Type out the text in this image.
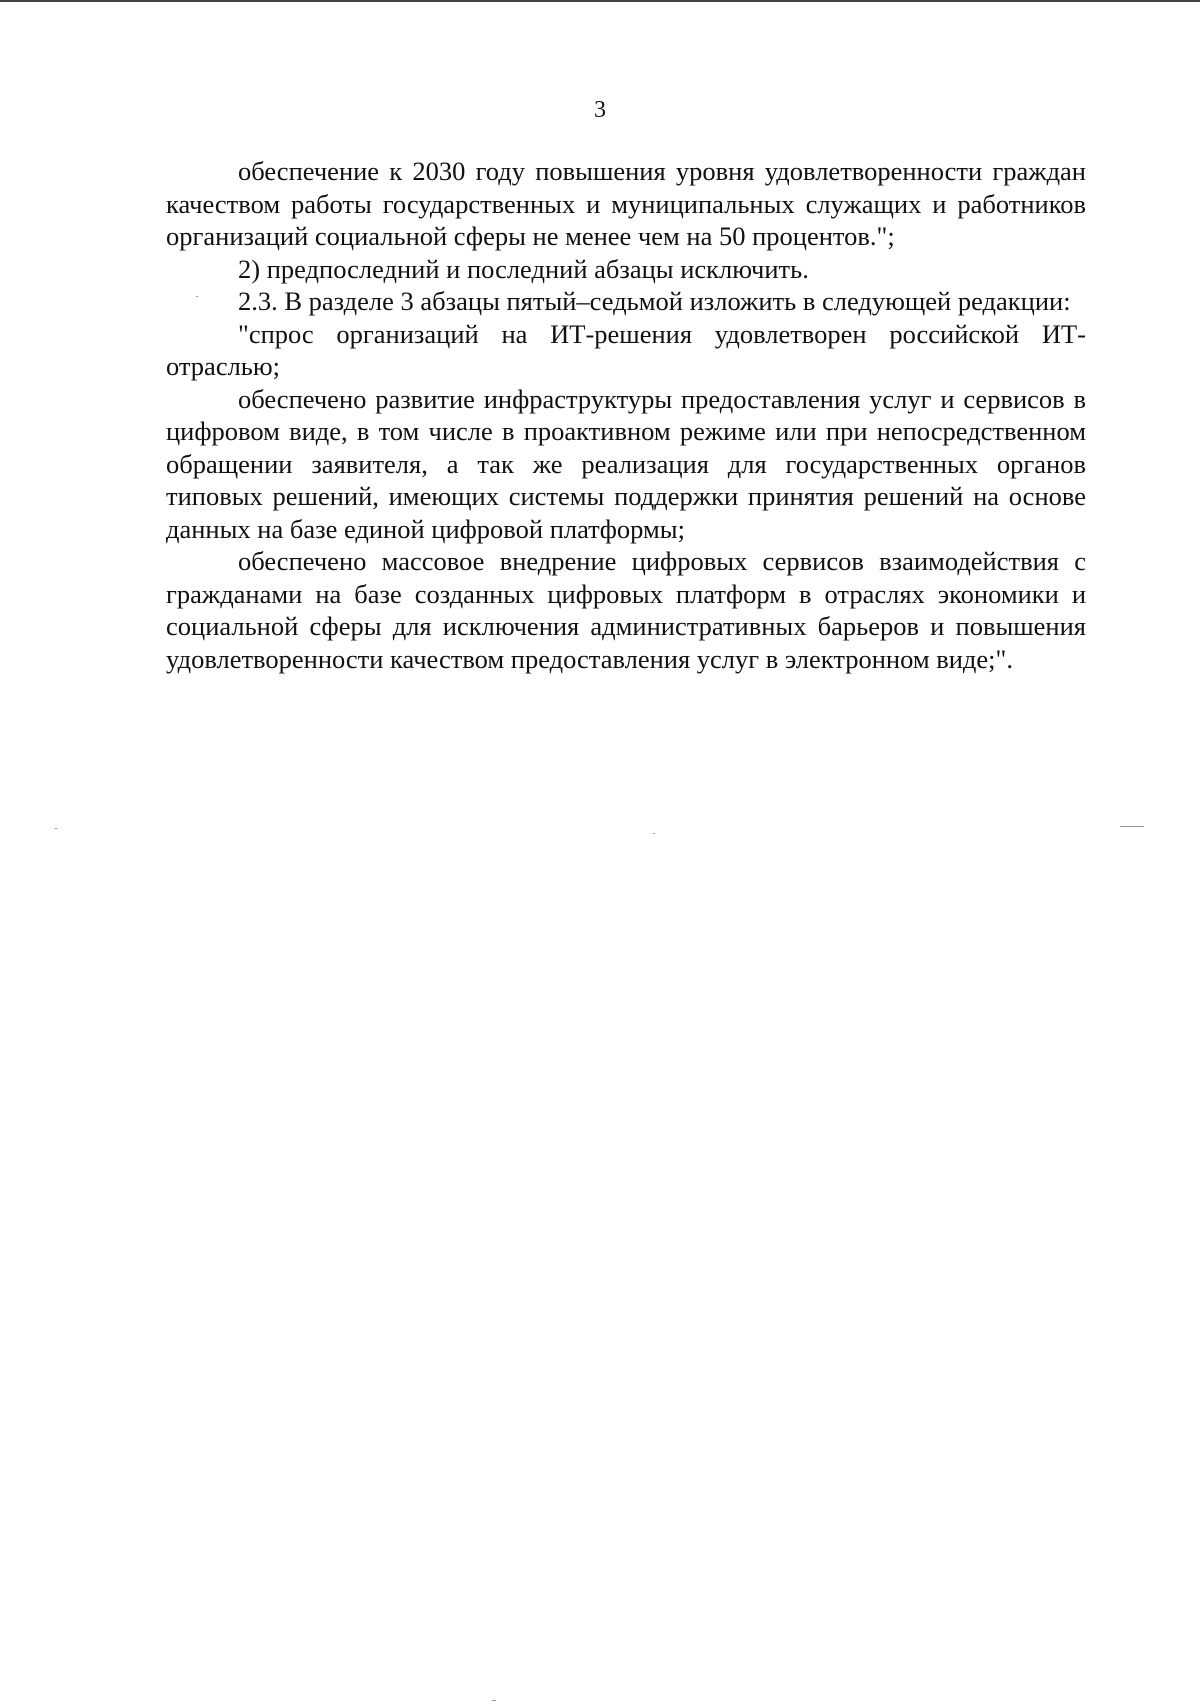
3

обеспечение к 2030 году повышения уровня удовлетворенности граждан качеством работы государственных и муниципальных служащих и работников организаций социальной сферы не менее чем на 50 процентов.";

2) предпоследний и последний абзацы исключить.

2.3. В разделе 3 абзацы пятый–седьмой изложить в следующей редакции:

"спрос организаций на ИТ-решения удовлетворен российской ИТ-отраслью;

обеспечено развитие инфраструктуры предоставления услуг и сервисов в цифровом виде, в том числе в проактивном режиме или при непосредственном обращении заявителя, а так же реализация для государственных органов типовых решений, имеющих системы поддержки принятия решений на основе данных на базе единой цифровой платформы;

обеспечено массовое внедрение цифровых сервисов взаимодействия с гражданами на базе созданных цифровых платформ в отраслях экономики и социальной сферы для исключения административных барьеров и повышения удовлетворенности качеством предоставления услуг в электронном виде;".
